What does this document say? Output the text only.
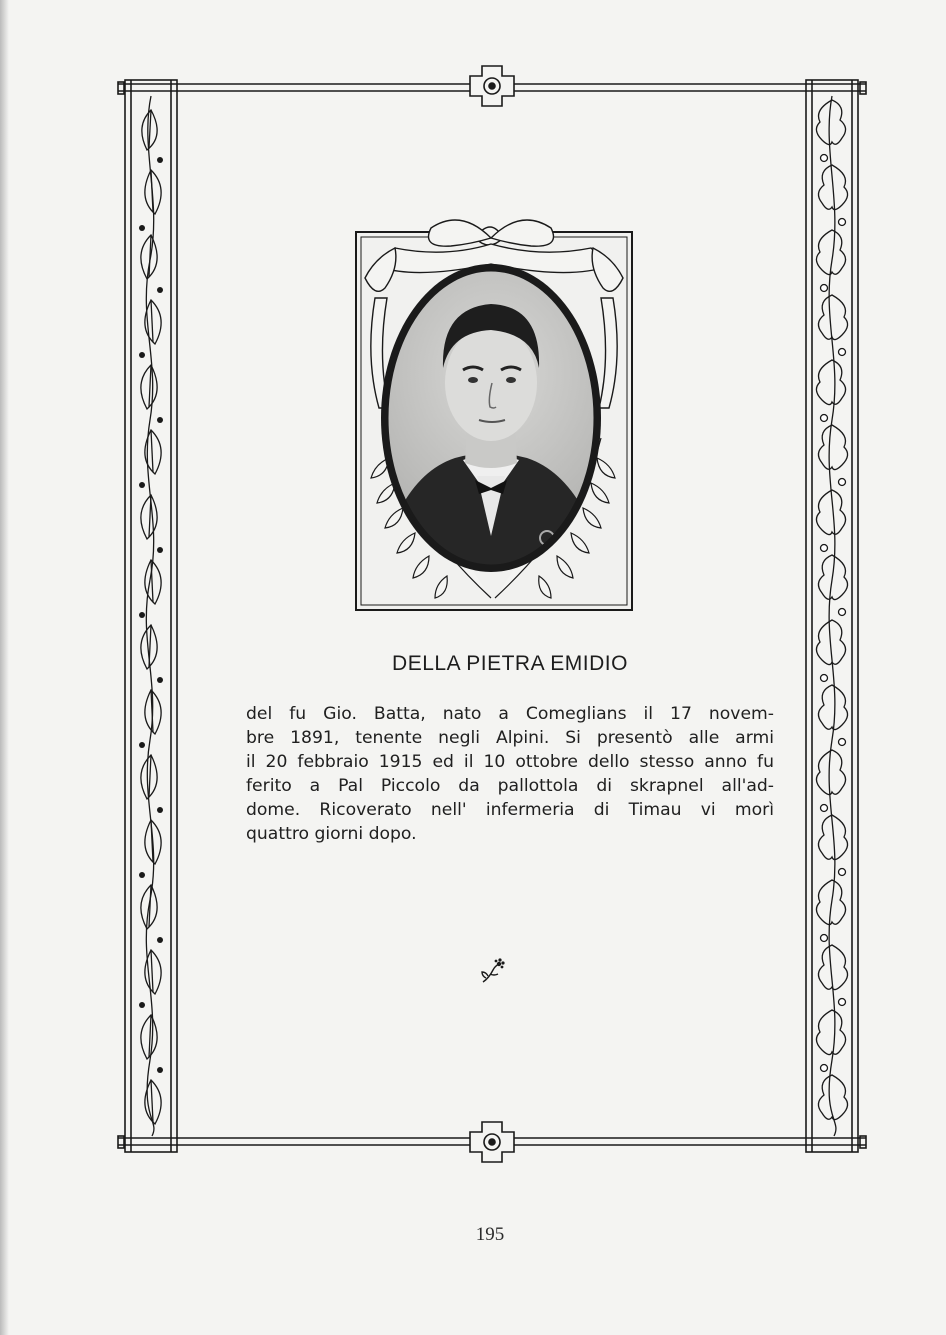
DELLA PIETRA EMIDIO
del fu Gio. Batta, nato a Comeglians il 17 novem-
bre 1891, tenente negli Alpini. Si presentò alle armi
il 20 febbraio 1915 ed il 10 ottobre dello stesso anno fu
ferito a Pal Piccolo da pallottola di skrapnel all'ad-
dome. Ricoverato nell' infermeria di Timau vi morì
quattro giorni dopo.
195
